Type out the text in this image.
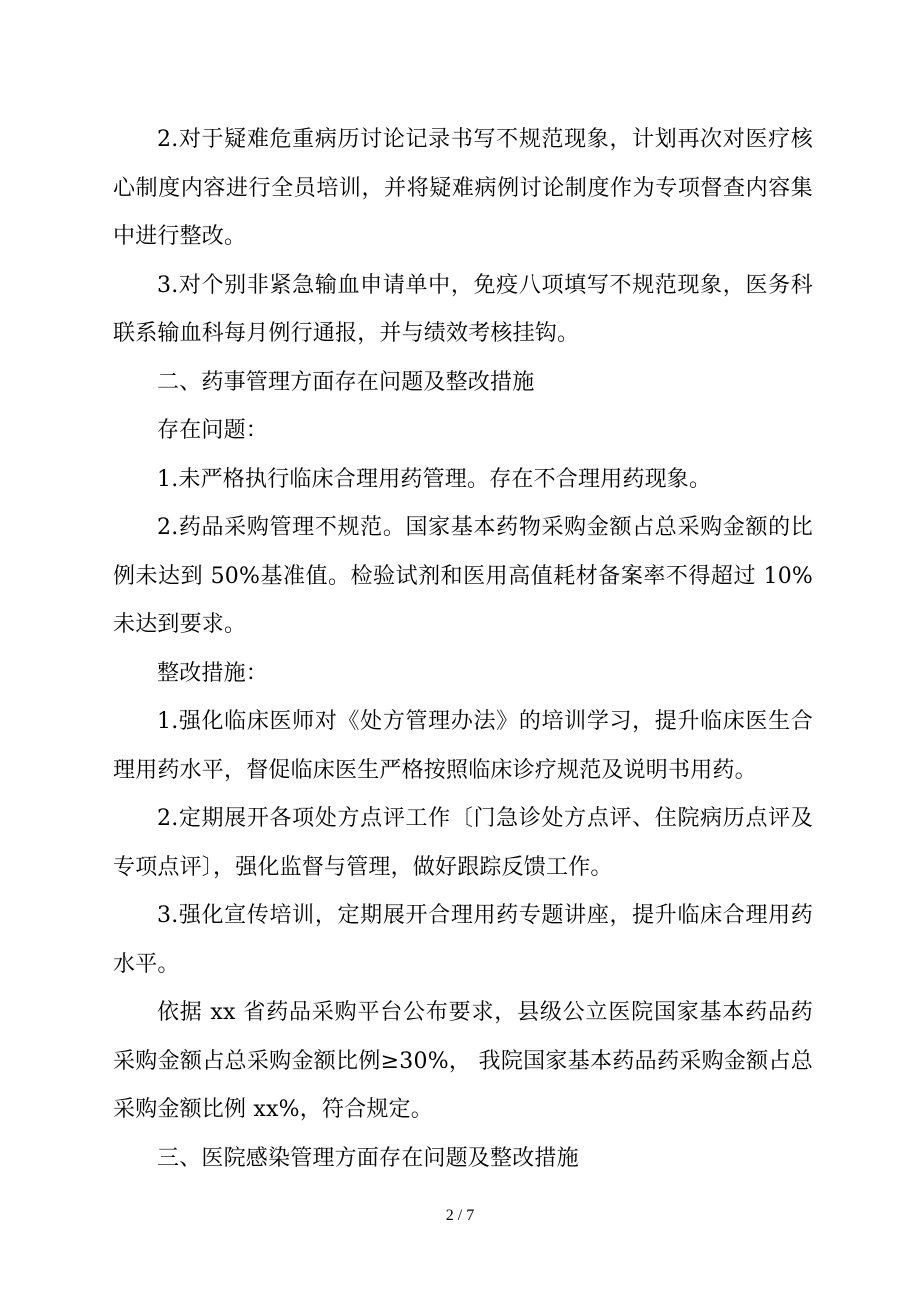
2.对于疑难危重病历讨论记录书写不规范现象，计划再次对医疗核心制度内容进行全员培训，并将疑难病例讨论制度作为专项督查内容集中进行整改。

3.对个别非紧急输血申请单中，免疫八项填写不规范现象，医务科联系输血科每月例行通报，并与绩效考核挂钩。

二、药事管理方面存在问题及整改措施

存在问题：

1.未严格执行临床合理用药管理。存在不合理用药现象。

2.药品采购管理不规范。国家基本药物采购金额占总采购金额的比例未达到 50%基准值。检验试剂和医用高值耗材备案率不得超过 10%未达到要求。

整改措施：

1.强化临床医师对《处方管理办法》的培训学习，提升临床医生合理用药水平，督促临床医生严格按照临床诊疗规范及说明书用药。

2.定期展开各项处方点评工作〔门急诊处方点评、住院病历点评及专项点评〕，强化监督与管理，做好跟踪反馈工作。

3.强化宣传培训，定期展开合理用药专题讲座，提升临床合理用药水平。

依据 xx 省药品采购平台公布要求，县级公立医院国家基本药品药采购金额占总采购金额比例≥30%， 我院国家基本药品药采购金额占总采购金额比例 xx%，符合规定。

三、医院感染管理方面存在问题及整改措施

2 / 7
